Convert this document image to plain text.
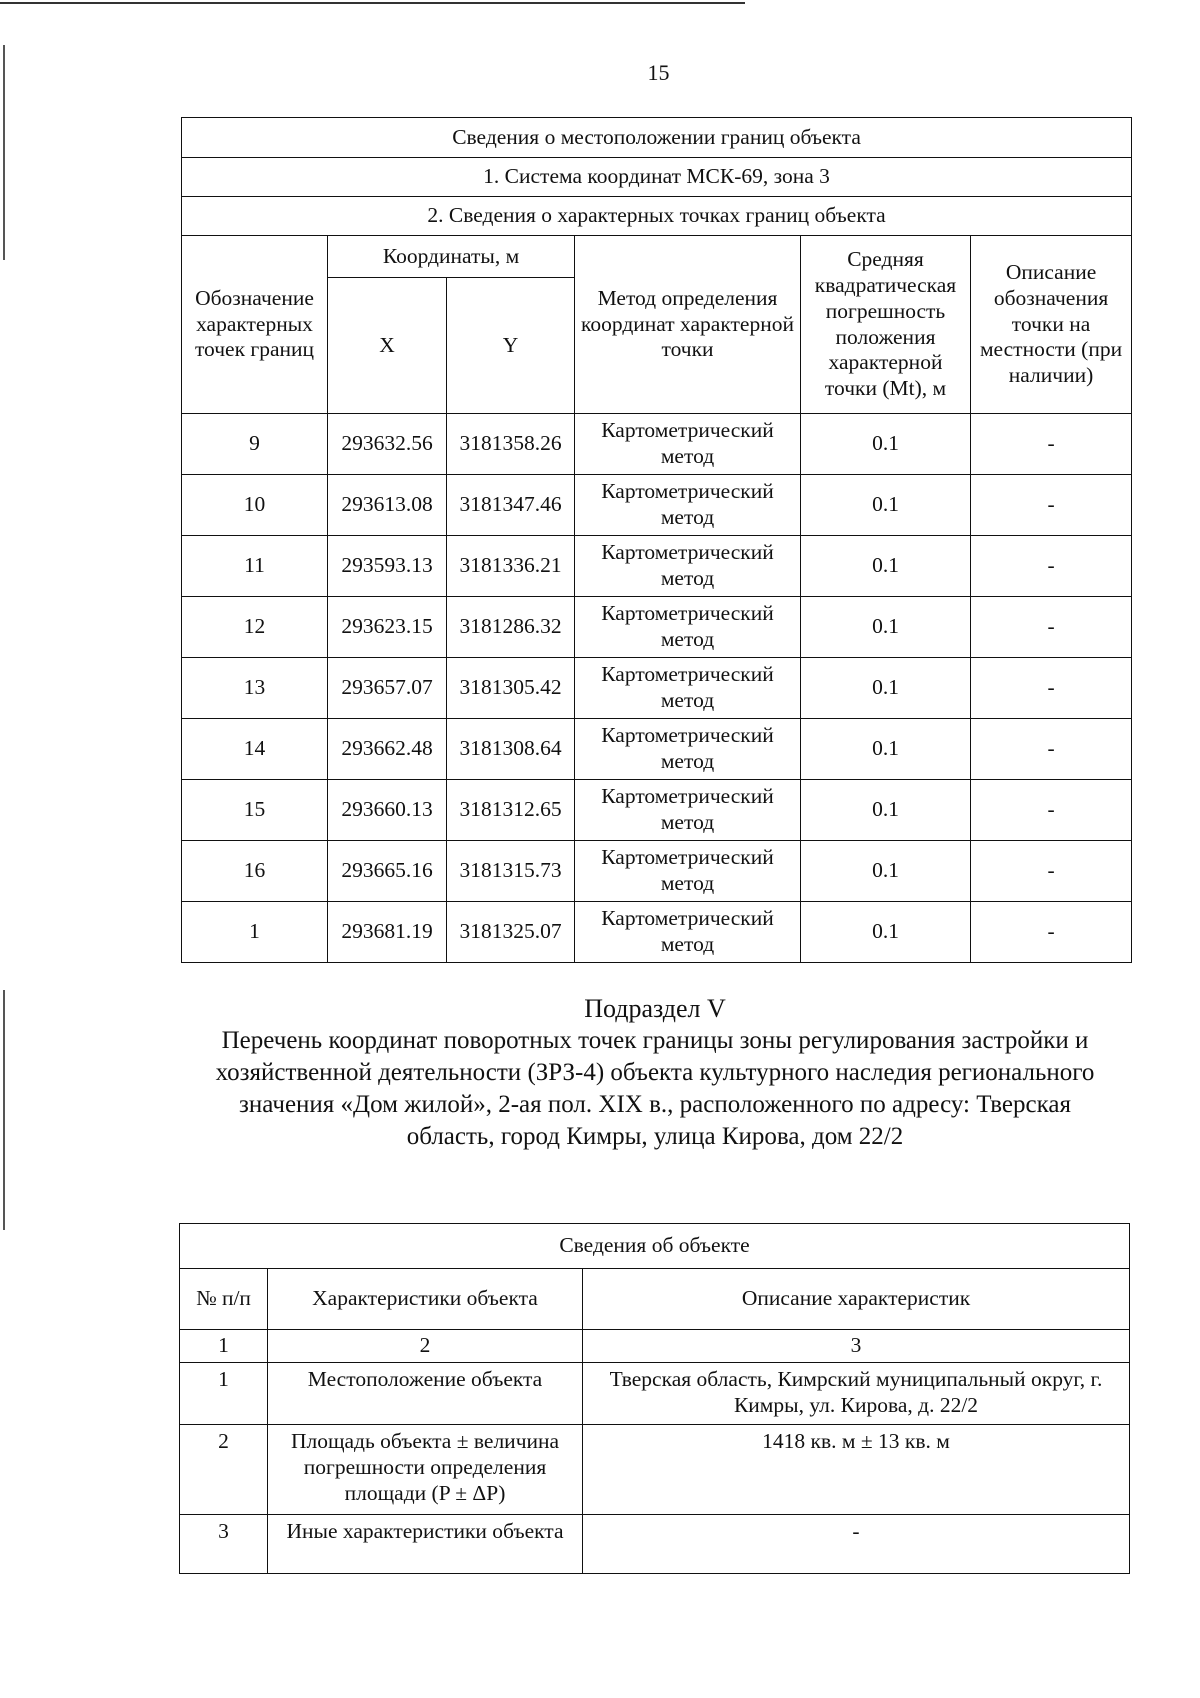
15
Сведения о местоположении границ объекта					
1. Система координат МСК-69, зона 3					
2. Сведения о характерных точках границ объекта					
Обозначение характерных точек границ	Координаты, м		Метод определения координат характерной точки	Средняя квадратическая погрешность положения характерной точки (Mt), м	Описание обозначения точки на местности (при наличии)
	X	Y			
9	293632.56	3181358.26	Картометрический метод	0.1	-
10	293613.08	3181347.46	Картометрический метод	0.1	-
11	293593.13	3181336.21	Картометрический метод	0.1	-
12	293623.15	3181286.32	Картометрический метод	0.1	-
13	293657.07	3181305.42	Картометрический метод	0.1	-
14	293662.48	3181308.64	Картометрический метод	0.1	-
15	293660.13	3181312.65	Картометрический метод	0.1	-
16	293665.16	3181315.73	Картометрический метод	0.1	-
1	293681.19	3181325.07	Картометрический метод	0.1	-
Подраздел V
Перечень координат поворотных точек границы зоны регулирования застройки и хозяйственной деятельности (ЗРЗ-4) объекта культурного наследия регионального значения «Дом жилой», 2-ая пол. XIX в., расположенного по адресу: Тверская область, город Кимры, улица Кирова, дом 22/2
Сведения об объекте		
№ п/п	Характеристики объекта	Описание характеристик
1	2	3
1	Местоположение объекта	Тверская область, Кимрский муниципальный округ, г. Кимры, ул. Кирова, д. 22/2
2	Площадь объекта ± величина погрешности определения площади (P ± ΔP)	1418 кв. м ± 13 кв. м
3	Иные характеристики объекта	-
